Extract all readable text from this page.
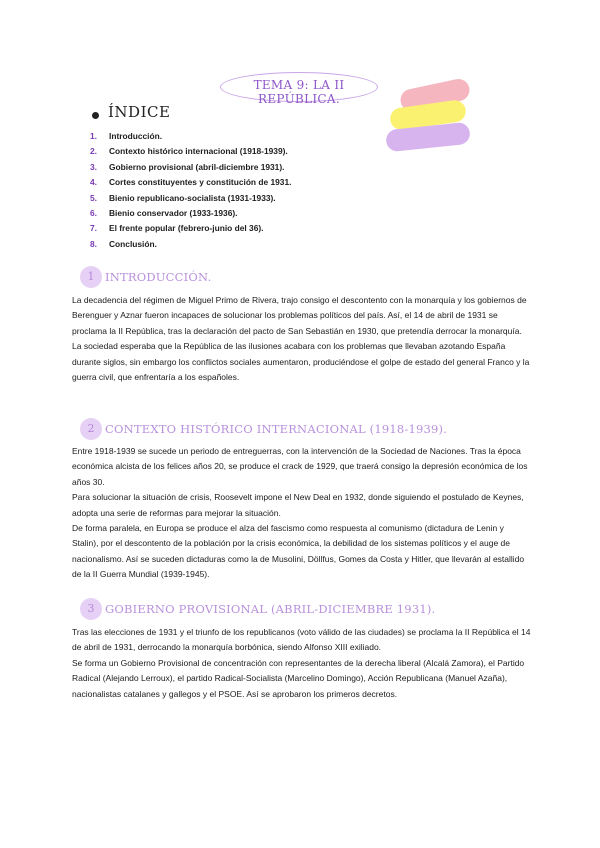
TEMA 9: LA II REPÚBLICA.
ÍNDICE
1. Introducción.
2. Contexto histórico internacional (1918-1939).
3. Gobierno provisional (abril-diciembre 1931).
4. Cortes constituyentes y constitución de 1931.
5. Bienio republicano-socialista (1931-1933).
6. Bienio conservador (1933-1936).
7. El frente popular (febrero-junio del 36).
8. Conclusión.
1 INTRODUCCIÓN.

La decadencia del régimen de Miguel Primo de Rivera, trajo consigo el descontento con la monarquía y los gobiernos de Berenguer y Aznar fueron incapaces de solucionar los problemas políticos del país. Así, el 14 de abril de 1931 se proclama la II República, tras la declaración del pacto de San Sebastián en 1930, que pretendía derrocar la monarquía.

La sociedad esperaba que la República de las ilusiones acabara con los problemas que llevaban azotando España durante siglos, sin embargo los conflictos sociales aumentaron, produciéndose el golpe de estado del general Franco y la guerra civil, que enfrentaría a los españoles.

2 CONTEXTO HISTÓRICO INTERNACIONAL (1918-1939).

Entre 1918-1939 se sucede un periodo de entreguerras, con la intervención de la Sociedad de Naciones. Tras la época económica alcista de los felices años 20, se produce el crack de 1929, que traerá consigo la depresión económica de los años 30.

Para solucionar la situación de crisis, Roosevelt impone el New Deal en 1932, donde siguiendo el postulado de Keynes, adopta una serie de reformas para mejorar la situación.

De forma paralela, en Europa se produce el alza del fascismo como respuesta al comunismo (dictadura de Lenin y Stalin), por el descontento de la población por la crisis económica, la debilidad de los sistemas políticos y el auge de nacionalismo. Así se suceden dictaduras como la de Musolini, Döllfus, Gomes da Costa y Hitler, que llevarán al estallido de la II Guerra Mundial (1939-1945).

3 GOBIERNO PROVISIONAL (ABRIL-DICIEMBRE 1931).

Tras las elecciones de 1931 y el triunfo de los republicanos (voto válido de las ciudades) se proclama la II República el 14 de abril de 1931, derrocando la monarquía borbónica, siendo Alfonso XIII exiliado.

Se forma un Gobierno Provisional de concentración con representantes de la derecha liberal (Alcalá Zamora), el Partido Radical (Alejando Lerroux), el partido Radical-Socialista (Marcelino Domingo), Acción Republicana (Manuel Azaña), nacionalistas catalanes y gallegos y el PSOE. Así se aprobaron los primeros decretos.
